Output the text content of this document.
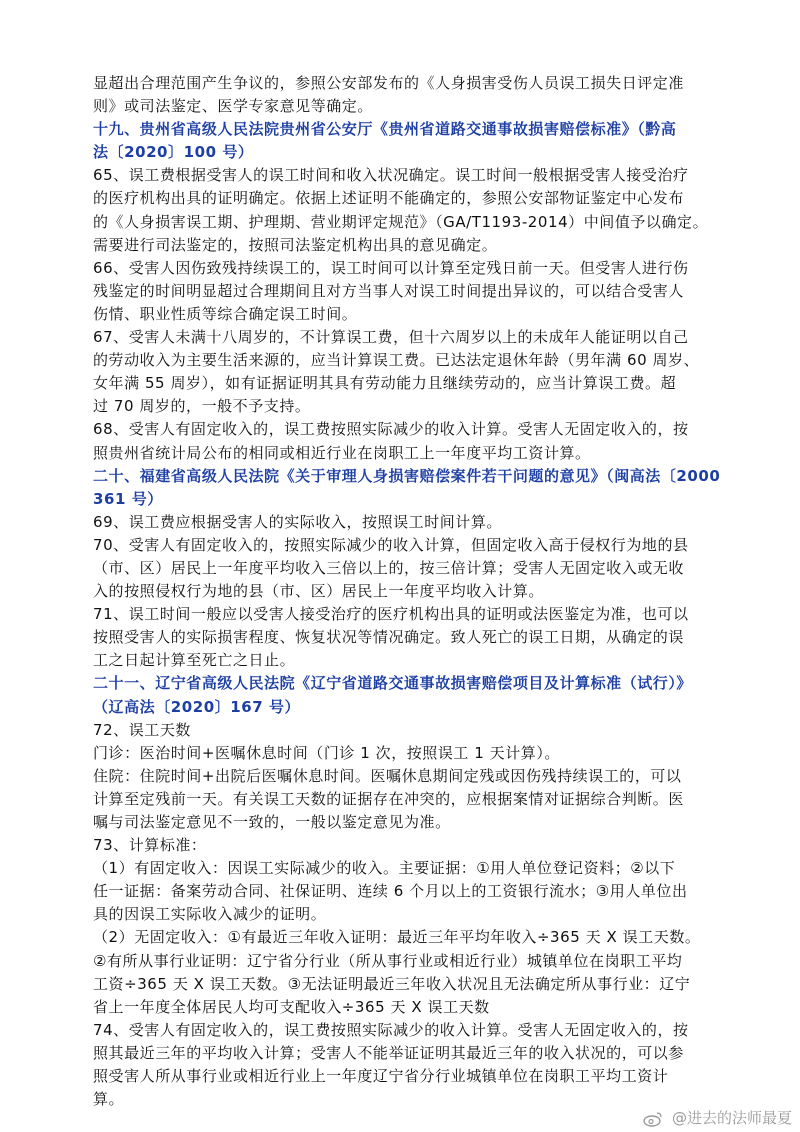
显超出合理范围产生争议的，参照公安部发布的《人身损害受伤人员误工损失日评定准
则》或司法鉴定、医学专家意见等确定。
十九、贵州省高级人民法院贵州省公安厅《贵州省道路交通事故损害赔偿标准》（黔高
法〔2020〕100 号）
65、误工费根据受害人的误工时间和收入状况确定。误工时间一般根据受害人接受治疗
的医疗机构出具的证明确定。依据上述证明不能确定的，参照公安部物证鉴定中心发布
的《人身损害误工期、护理期、营业期评定规范》（GA/T1193-2014）中间值予以确定。
需要进行司法鉴定的，按照司法鉴定机构出具的意见确定。
66、受害人因伤致残持续误工的，误工时间可以计算至定残日前一天。但受害人进行伤
残鉴定的时间明显超过合理期间且对方当事人对误工时间提出异议的，可以结合受害人
伤情、职业性质等综合确定误工时间。
67、受害人未满十八周岁的，不计算误工费，但十六周岁以上的未成年人能证明以自己
的劳动收入为主要生活来源的，应当计算误工费。已达法定退休年龄（男年满 60 周岁、
女年满 55 周岁），如有证据证明其具有劳动能力且继续劳动的，应当计算误工费。超
过 70 周岁的，一般不予支持。
68、受害人有固定收入的，误工费按照实际减少的收入计算。受害人无固定收入的，按
照贵州省统计局公布的相同或相近行业在岗职工上一年度平均工资计算。
二十、福建省高级人民法院《关于审理人身损害赔偿案件若干问题的意见》（闽高法〔2000
361 号）
69、误工费应根据受害人的实际收入，按照误工时间计算。
70、受害人有固定收入的，按照实际减少的收入计算，但固定收入高于侵权行为地的县
（市、区）居民上一年度平均收入三倍以上的，按三倍计算；受害人无固定收入或无收
入的按照侵权行为地的县（市、区）居民上一年度平均收入计算。
71、误工时间一般应以受害人接受治疗的医疗机构出具的证明或法医鉴定为准，也可以
按照受害人的实际损害程度、恢复状况等情况确定。致人死亡的误工日期，从确定的误
工之日起计算至死亡之日止。
二十一、辽宁省高级人民法院《辽宁省道路交通事故损害赔偿项目及计算标准（试行）》
（辽高法〔2020〕167 号）
72、误工天数
门诊：医治时间+医嘱休息时间（门诊 1 次，按照误工 1 天计算）。
住院：住院时间+出院后医嘱休息时间。医嘱休息期间定残或因伤残持续误工的，可以
计算至定残前一天。有关误工天数的证据存在冲突的，应根据案情对证据综合判断。医
嘱与司法鉴定意见不一致的，一般以鉴定意见为准。
73、计算标准：
（1）有固定收入：因误工实际减少的收入。主要证据：①用人单位登记资料；②以下
任一证据：备案劳动合同、社保证明、连续 6 个月以上的工资银行流水；③用人单位出
具的因误工实际收入减少的证明。
（2）无固定收入：①有最近三年收入证明：最近三年平均年收入÷365 天 X 误工天数。
②有所从事行业证明：辽宁省分行业（所从事行业或相近行业）城镇单位在岗职工平均
工资÷365 天 X 误工天数。③无法证明最近三年收入状况且无法确定所从事行业：辽宁
省上一年度全体居民人均可支配收入÷365 天 X 误工天数
74、受害人有固定收入的，误工费按照实际减少的收入计算。受害人无固定收入的，按
照其最近三年的平均收入计算；受害人不能举证证明其最近三年的收入状况的，可以参
照受害人所从事行业或相近行业上一年度辽宁省分行业城镇单位在岗职工平均工资计
算。
@进去的法师最夏
